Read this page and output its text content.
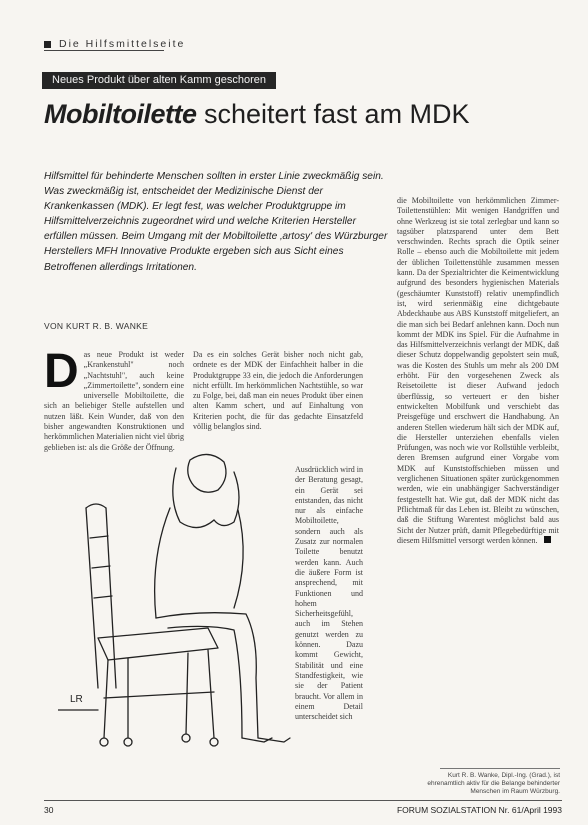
Die Hilfsmittelseite
Neues Produkt über alten Kamm geschoren
Mobiltoilette scheitert fast am MDK
Hilfsmittel für behinderte Menschen sollten in erster Linie zweckmäßig sein. Was zweckmäßig ist, entscheidet der Medizinische Dienst der Krankenkassen (MDK). Er legt fest, was welcher Produktgruppe im Hilfsmittelverzeichnis zugeordnet wird und welche Kriterien Hersteller erfüllen müssen. Beim Umgang mit der Mobiltoilette ‚artosy' des Würzburger Herstellers MFH Innovative Produkte ergeben sich aus Sicht eines Betroffenen allerdings Irritationen.
VON KURT R. B. WANKE
Das neue Produkt ist weder „Krankenstuhl" noch „Nachtstuhl", auch keine „Zimmertoilette", sondern eine universelle Mobiltoilette, die sich an beliebiger Stelle aufstellen und nutzen läßt. Kein Wunder, daß von den bisher angewandten Konstruktionen und herkömmlichen Materialien nicht viel übrig geblieben ist: als die Größe der Öffnung.
Da es ein solches Gerät bisher noch nicht gab, ordnete es der MDK der Einfachheit halber in die Produktgruppe 33 ein, die jedoch die Anforderungen nicht erfüllt. Im herkömmlichen Nachtstühle, so war zu Folge, bei, daß man ein neues Produkt über einen alten Kamm schert, und auf Einhaltung von Kriterien pocht, die für das gedachte Einsatzfeld völlig belanglos sind.
Ausdrücklich wird in der Beratung gesagt, ein Gerät sei entstanden, das nicht nur als einfache Mobiltoilette, sondern auch als Zusatz zur normalen Toilette benutzt werden kann. Auch die äußere Form ist ansprechend, mit Funktionen und hohem Sicherheitsgefühl, auch im Stehen genutzt werden zu können. Dazu kommt Gewicht, Stabilität und eine Standfestigkeit, wie sie der Patient braucht. Vor allem in einem Detail unterscheidet sich
LR
die Mobiltoilette von herkömmlichen Zimmer-Toilettenstühlen: Mit wenigen Handgriffen und ohne Werkzeug ist sie total zerlegbar und kann so tagsüber platzsparend unter dem Bett verschwinden. Rechts sprach die Optik seiner Rolle – ebenso auch die Mobiltoilette mit jedem der üblichen Toilettenstühle zusammen messen kann. Da der Spezialtrichter die Keimentwicklung aufgrund des besonders hygienischen Materials (geschäumter Kunststoff) relativ unempfindlich ist, wird serienmäßig eine dichtgebaute Abdeckhaube aus ABS Kunststoff mitgeliefert, an die man sich bei Bedarf anlehnen kann. Doch nun kommt der MDK ins Spiel. Für die Aufnahme in das Hilfsmittelverzeichnis verlangt der MDK, daß dieser Schutz doppelwandig gepolstert sein muß, was die Kosten des Stuhls um mehr als 200 DM erhöht. Für den vorgesehenen Zweck als Reisetoilette ist dieser Aufwand jedoch überflüssig, so verteuert er den bisher entwickelten Mobilfunk und verschiebt das Preisgefüge und erschwert die Handhabung. An anderen Stellen wiederum hält sich der MDK auf, die Hersteller unterziehen ebenfalls vielen Prüfungen, was noch wie vor Rollstühle verbleibt, deren Bremsen aufgrund einer Vorgabe vom MDK auf Kunststoffschieben müssen und verglichenen Situationen später zurückgenommen werden, wie ein unabhängiger Sachverständiger festgestellt hat. Wie gut, daß der MDK nicht das Pflichtmaß für das Leben ist. Bleibt zu wünschen, daß die Stiftung Warentest möglichst bald aus Sicht der Nutzer prüft, damit Pflegebedürftige mit diesem Hilfsmittel versorgt werden können.
Kurt R. B. Wanke, Dipl.-Ing. (Grad.), ist ehrenamtlich aktiv für die Belange behinderter Menschen im Raum Würzburg.
30	FORUM SOZIALSTATION Nr. 61/April 1993
